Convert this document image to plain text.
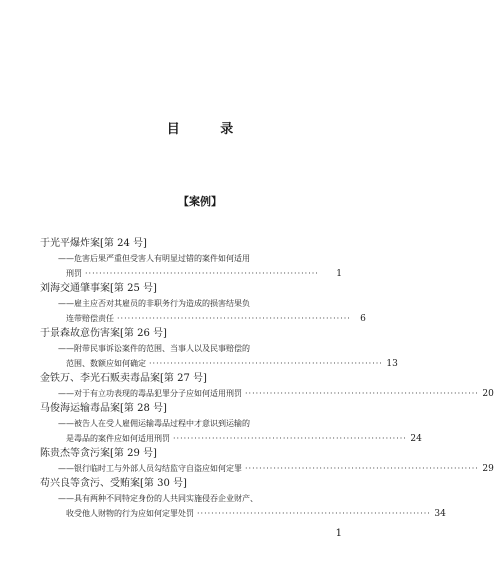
目 录
【案例】
于光平爆炸案[第 24 号]
——危害后果严重但受害人有明显过错的案件如何适用
刑罚 ··································································	1
刘海交通肇事案[第 25 号]
——雇主应否对其雇员的非职务行为造成的损害结果负
连带赔偿责任 ··································································	6
于景森故意伤害案[第 26 号]
——附带民事诉讼案件的范围、当事人以及民事赔偿的
范围、数额应如何确定 ·································································· 13
金铁万、李光石贩卖毒品案[第 27 号]
——对于有立功表现的毒品犯罪分子应如何适用刑罚 ·································································· 20
马俊海运输毒品案[第 28 号]
——被告人在受人雇佣运输毒品过程中才意识到运输的
是毒品的案件应如何适用刑罚 ·································································· 24
陈贵杰等贪污案[第 29 号]
——银行临时工与外部人员勾结监守自盗应如何定罪 ·································································· 29
苟兴良等贪污、受贿案[第 30 号]
——具有两种不同特定身份的人共同实施侵吞企业财产、
收受他人财物的行为应如何定罪处罚 ·································································· 34
1
